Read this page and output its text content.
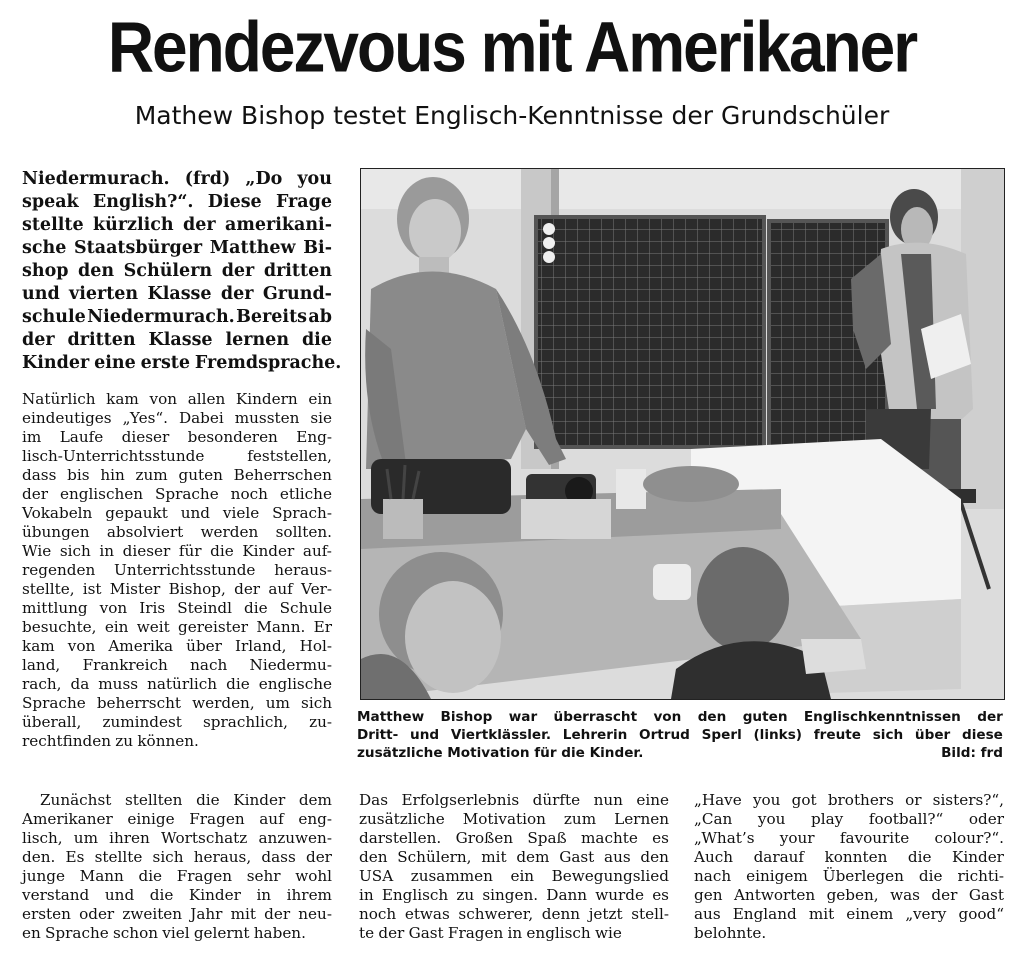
Rendezvous mit Amerikaner
Mathew Bishop testet Englisch-Kenntnisse der Grundschüler
Niedermurach. (frd) „Do you
speak English?“. Diese Frage
stellte kürzlich der amerikani-
sche Staatsbürger Matthew Bi-
shop den Schülern der dritten
und vierten Klasse der Grund-
schule Niedermurach. Bereits ab
der dritten Klasse lernen die
Kinder eine erste Fremdsprache.
Natürlich kam von allen Kindern ein
eindeutiges „Yes“. Dabei mussten sie
im Laufe dieser besonderen Eng-
lisch-Unterrichtsstunde	feststellen,
dass bis hin zum guten Beherrschen
der englischen Sprache noch etliche
Vokabeln gepaukt und viele Sprach-
übungen absolviert werden sollten.
Wie sich in dieser für die Kinder auf-
regenden Unterrichtsstunde heraus-
stellte, ist Mister Bishop, der auf Ver-
mittlung von Iris Steindl die Schule
besuchte, ein weit gereister Mann. Er
kam von Amerika über Irland, Hol-
land, Frankreich nach Niedermu-
rach, da muss natürlich die englische
Sprache beherrscht werden, um sich
überall, zumindest sprachlich, zu-
rechtfinden zu können.
Zunächst stellten die Kinder dem
Amerikaner einige Fragen auf eng-
lisch, um ihren Wortschatz anzuwen-
den. Es stellte sich heraus, dass der
junge Mann die Fragen sehr wohl
verstand und die Kinder in ihrem
ersten oder zweiten Jahr mit der neu-
en Sprache schon viel gelernt haben.
Das Erfolgserlebnis dürfte nun eine
zusätzliche Motivation zum Lernen
darstellen. Großen Spaß machte es
den Schülern, mit dem Gast aus den
USA zusammen ein Bewegungslied
in Englisch zu singen. Dann wurde es
noch etwas schwerer, denn jetzt stell-
te der Gast Fragen in englisch wie
„Have you got brothers or sisters?“,
„Can you play football?“ oder
„What’s your favourite colour?“.
Auch darauf konnten die Kinder
nach einigem Überlegen die richti-
gen Antworten geben, was der Gast
aus England mit einem „very good“
belohnte.
Matthew Bishop war überrascht von den guten Englischkenntnissen der
Dritt- und Viertklässler. Lehrerin Ortrud Sperl (links) freute sich über diese
zusätzliche Motivation für die Kinder.	Bild: frd
